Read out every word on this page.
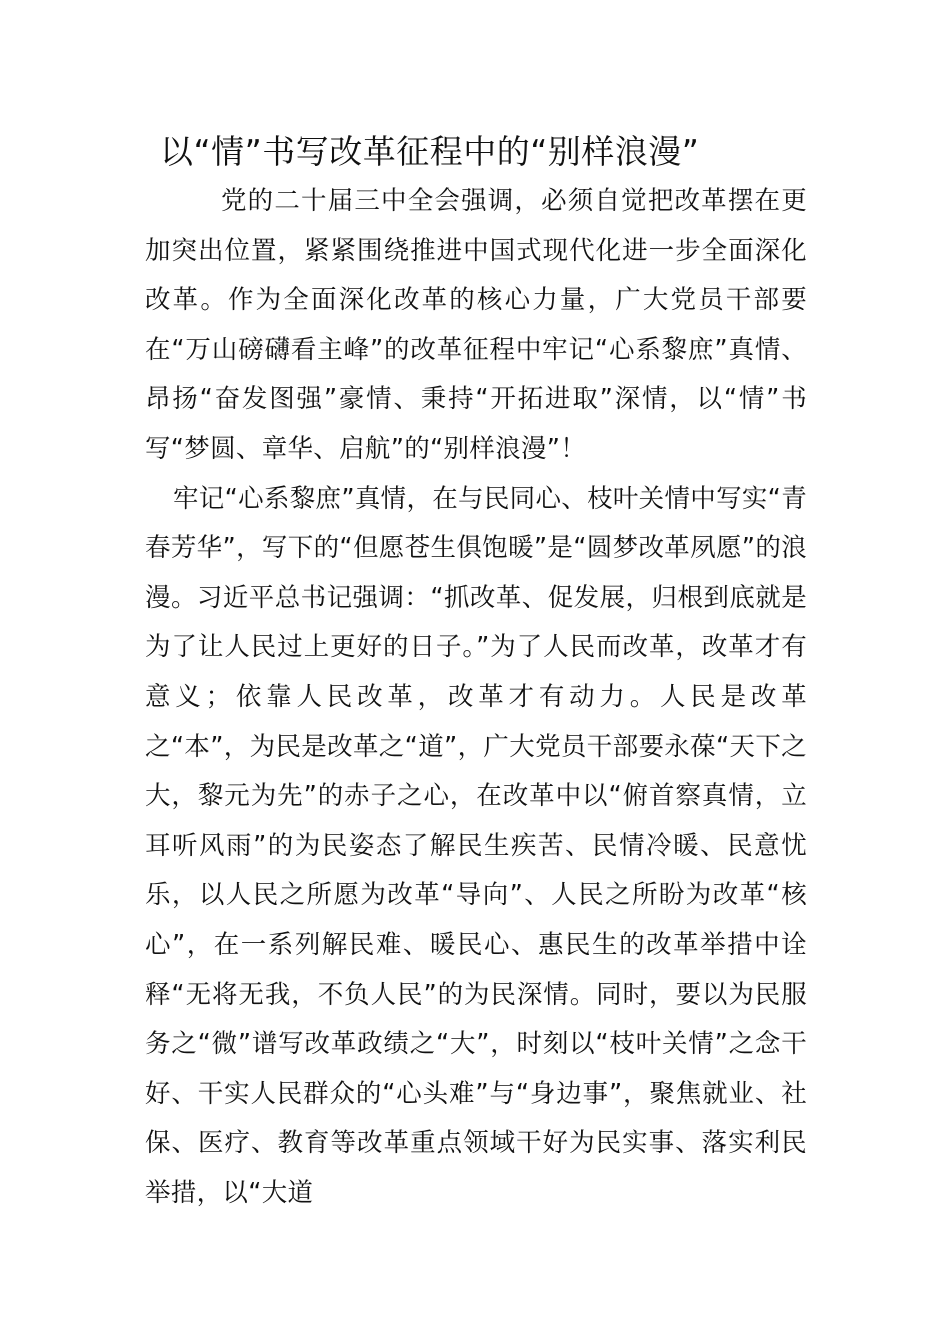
以“情”书写改革征程中的“别样浪漫”

党的二十届三中全会强调，必须自觉把改革摆在更加突出位置，紧紧围绕推进中国式现代化进一步全面深化改革。作为全面深化改革的核心力量，广大党员干部要在“万山磅礴看主峰”的改革征程中牢记“心系黎庶”真情、昂扬“奋发图强”豪情、秉持“开拓进取”深情，以“情”书写“梦圆、章华、启航”的“别样浪漫”！

牢记“心系黎庶”真情，在与民同心、枝叶关情中写实“青春芳华”，写下的“但愿苍生俱饱暖”是“圆梦改革夙愿”的浪漫。习近平总书记强调：“抓改革、促发展，归根到底就是为了让人民过上更好的日子。”为了人民而改革，改革才有意义；依靠人民改革，改革才有动力。人民是改革之“本”，为民是改革之“道”，广大党员干部要永葆“天下之大，黎元为先”的赤子之心，在改革中以“俯首察真情，立耳听风雨”的为民姿态了解民生疾苦、民情冷暖、民意忧乐，以人民之所愿为改革“导向”、人民之所盼为改革“核心”，在一系列解民难、暖民心、惠民生的改革举措中诠释“无将无我，不负人民”的为民深情。同时，要以为民服务之“微”谱写改革政绩之“大”，时刻以“枝叶关情”之念干好、干实人民群众的“心头难”与“身边事”，聚焦就业、社保、医疗、教育等改革重点领域干好为民实事、落实利民举措，以“大道
